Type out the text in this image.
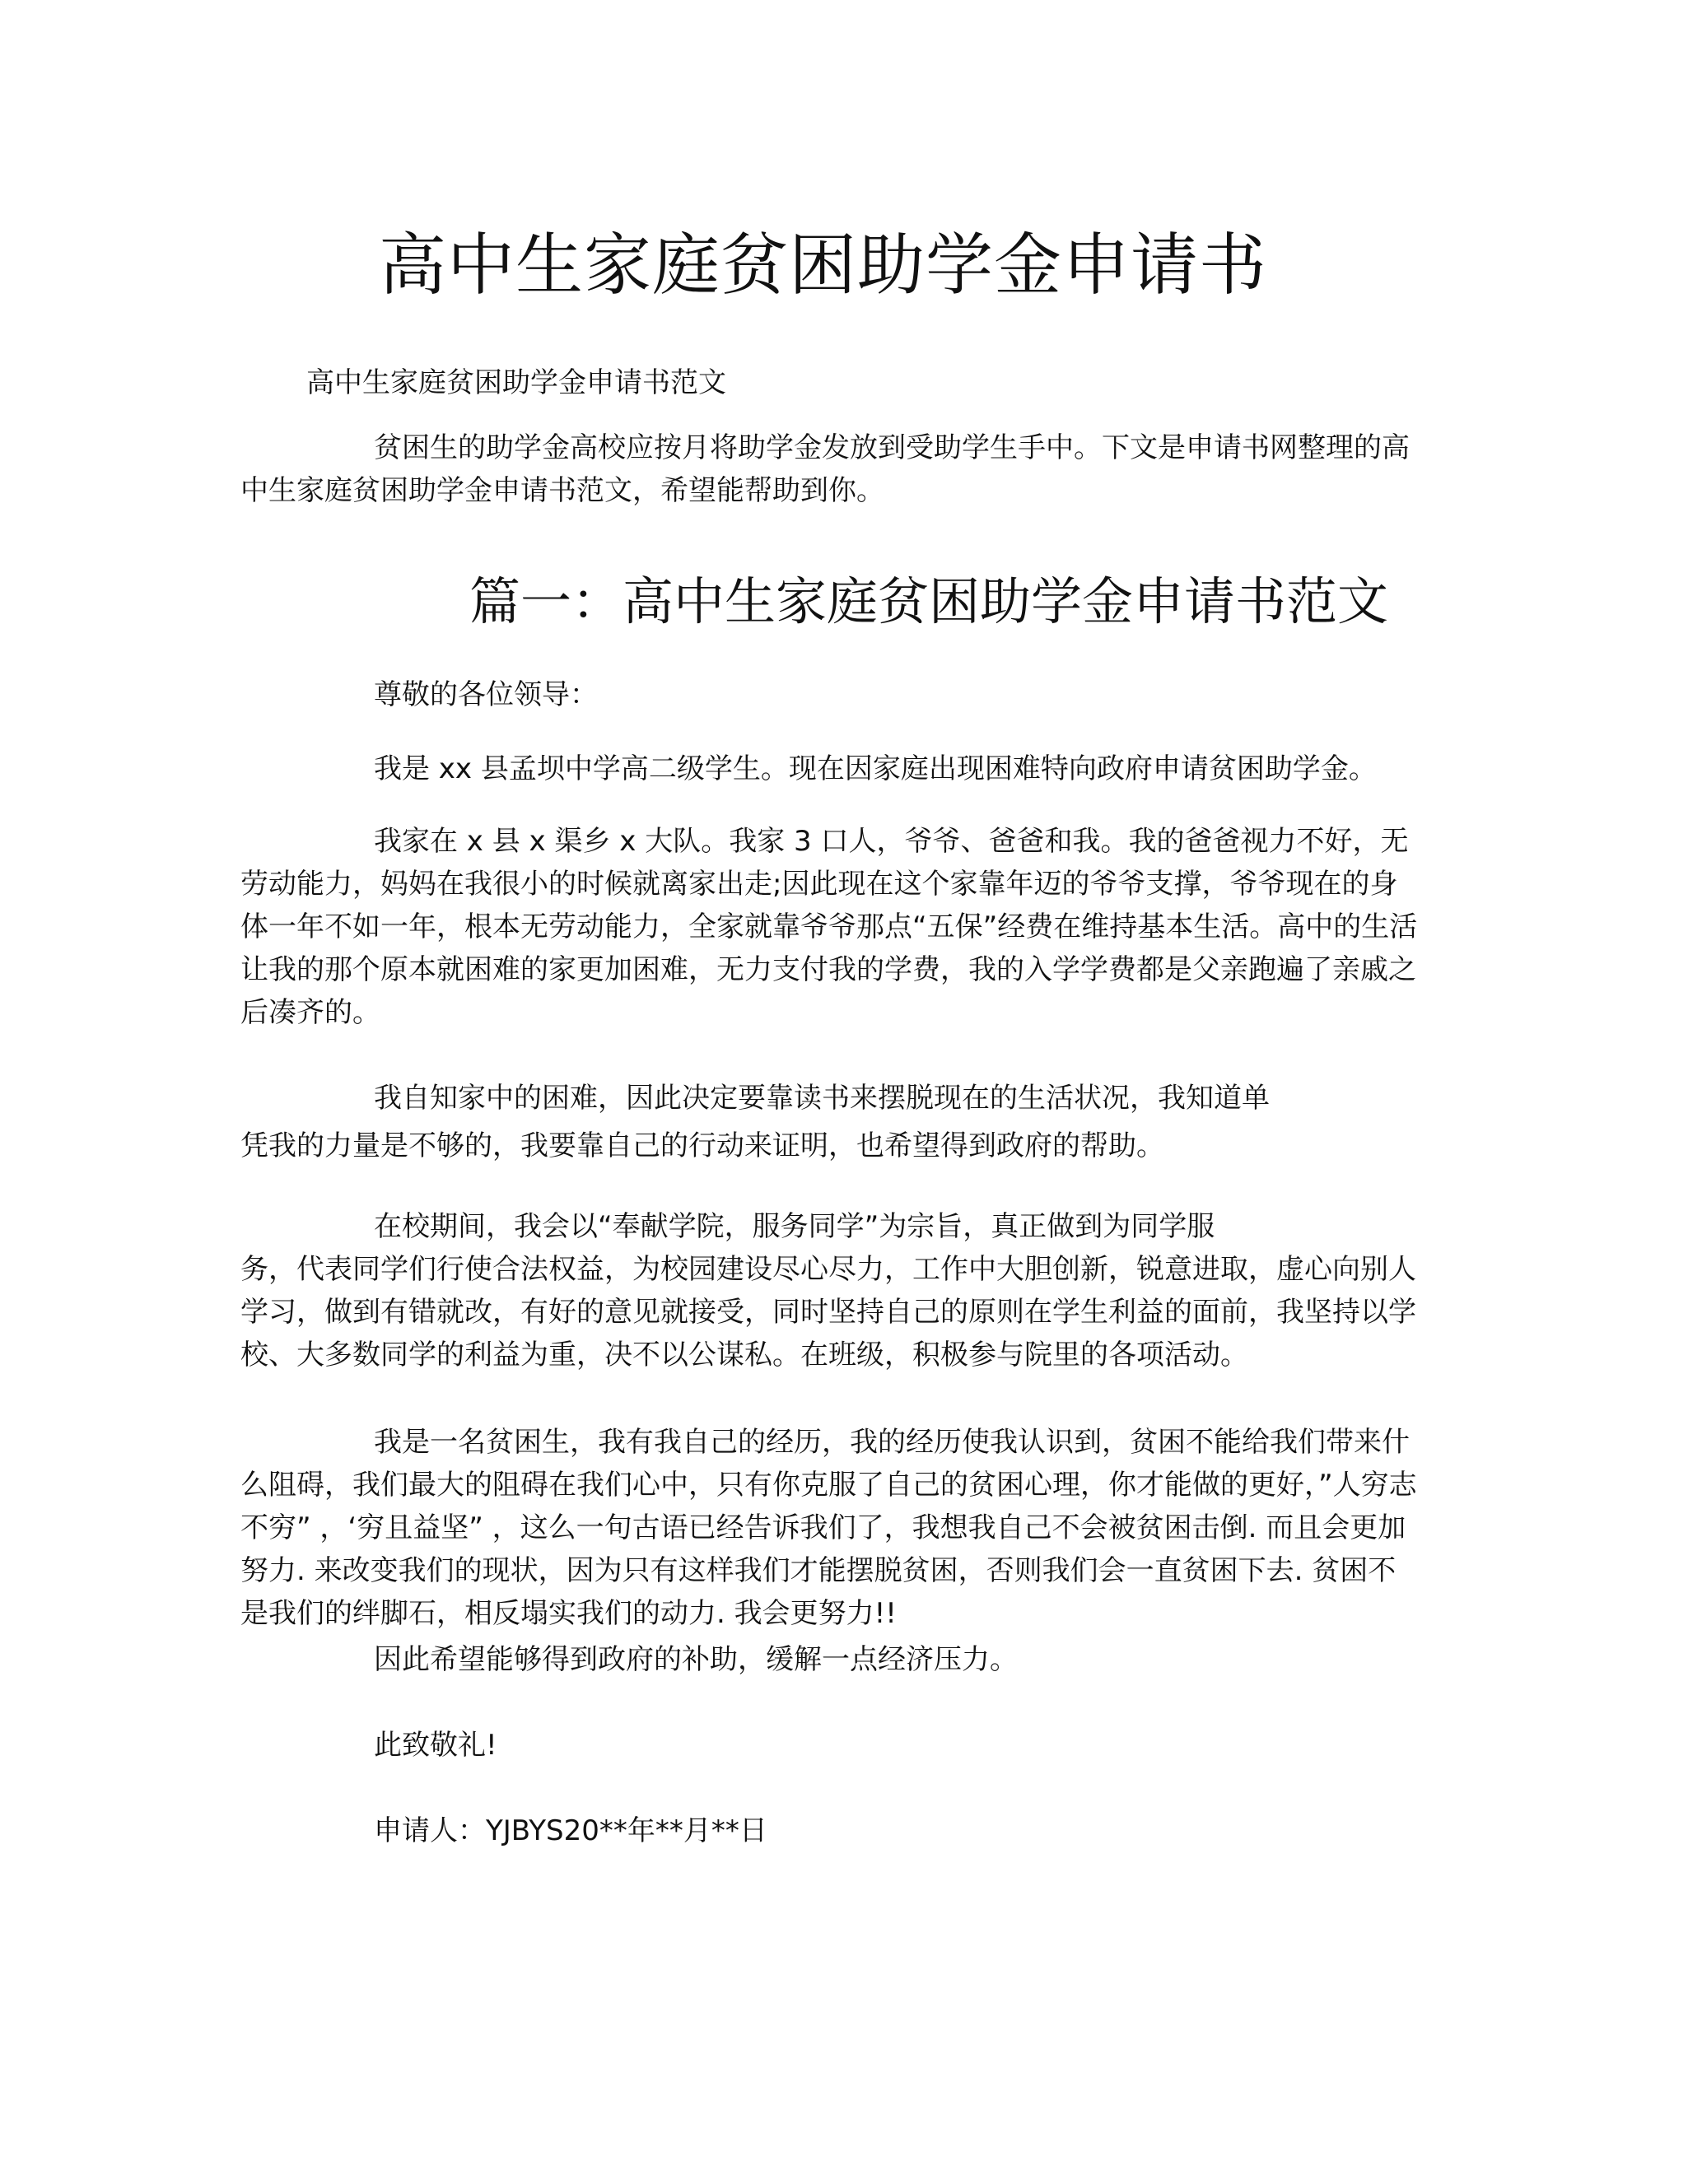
高中生家庭贫困助学金申请书
高中生家庭贫困助学金申请书范文
贫困生的助学金高校应按月将助学金发放到受助学生手中。下文是申请书网整理的高中生家庭贫困助学金申请书范文，希望能帮助到你。
篇一：高中生家庭贫困助学金申请书范文
尊敬的各位领导：
我是 xx 县孟坝中学高二级学生。现在因家庭出现困难特向政府申请贫困助学金。
我家在 x 县 x 渠乡 x 大队。我家 3 口人，爷爷、爸爸和我。我的爸爸视力不好，无劳动能力，妈妈在我很小的时候就离家出走;因此现在这个家靠年迈的爷爷支撑，爷爷现在的身体一年不如一年，根本无劳动能力，全家就靠爷爷那点“五保”经费在维持基本生活。高中的生活让我的那个原本就困难的家更加困难，无力支付我的学费，我的入学学费都是父亲跑遍了亲戚之后凑齐的。
我自知家中的困难，因此决定要靠读书来摆脱现在的生活状况，我知道单
凭我的力量是不够的，我要靠自己的行动来证明，也希望得到政府的帮助。
在校期间，我会以“奉献学院，服务同学”为宗旨，真正做到为同学服
务，代表同学们行使合法权益，为校园建设尽心尽力，工作中大胆创新，锐意进取，虚心向别人学习，做到有错就改，有好的意见就接受，同时坚持自己的原则在学生利益的面前，我坚持以学校、大多数同学的利益为重，决不以公谋私。在班级，积极参与院里的各项活动。
我是一名贫困生，我有我自己的经历，我的经历使我认识到，贫困不能给我们带来什么阻碍，我们最大的阻碍在我们心中，只有你克服了自己的贫困心理，你才能做的更好，”人穷志不穷” ，‘穷且益坚” ，这么一句古语已经告诉我们了，我想我自己不会被贫困击倒. 而且会更加努力. 来改变我们的现状，因为只有这样我们才能摆脱贫困，否则我们会一直贫困下去. 贫困不是我们的绊脚石，相反塌实我们的动力. 我会更努力!!
因此希望能够得到政府的补助，缓解一点经济压力。
此致敬礼!
申请人：YJBYS20**年**月**日
